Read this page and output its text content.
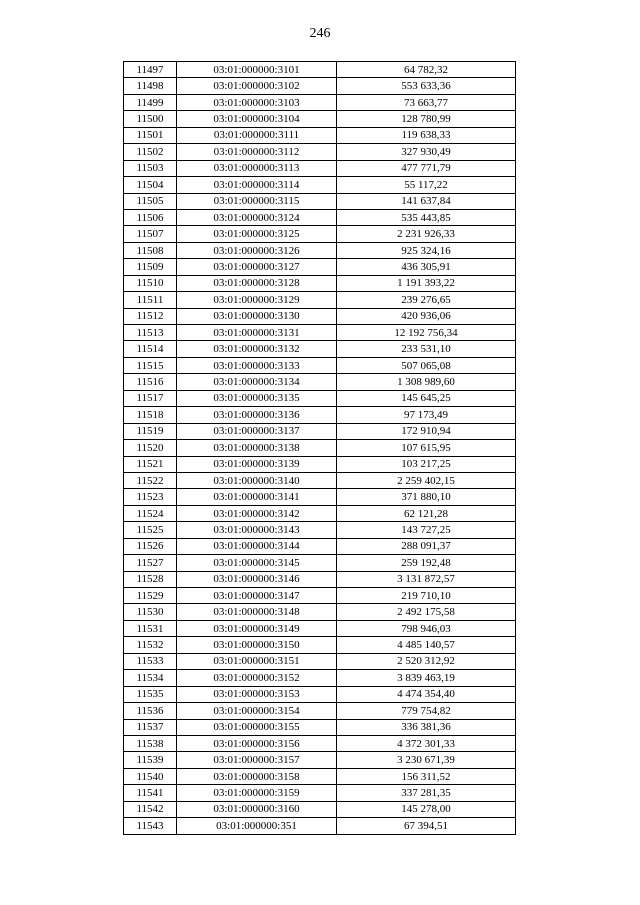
246
11497	03:01:000000:3101	64 782,32
11498	03:01:000000:3102	553 633,36
11499	03:01:000000:3103	73 663,77
11500	03:01:000000:3104	128 780,99
11501	03:01:000000:3111	119 638,33
11502	03:01:000000:3112	327 930,49
11503	03:01:000000:3113	477 771,79
11504	03:01:000000:3114	55 117,22
11505	03:01:000000:3115	141 637,84
11506	03:01:000000:3124	535 443,85
11507	03:01:000000:3125	2 231 926,33
11508	03:01:000000:3126	925 324,16
11509	03:01:000000:3127	436 305,91
11510	03:01:000000:3128	1 191 393,22
11511	03:01:000000:3129	239 276,65
11512	03:01:000000:3130	420 936,06
11513	03:01:000000:3131	12 192 756,34
11514	03:01:000000:3132	233 531,10
11515	03:01:000000:3133	507 065,08
11516	03:01:000000:3134	1 308 989,60
11517	03:01:000000:3135	145 645,25
11518	03:01:000000:3136	97 173,49
11519	03:01:000000:3137	172 910,94
11520	03:01:000000:3138	107 615,95
11521	03:01:000000:3139	103 217,25
11522	03:01:000000:3140	2 259 402,15
11523	03:01:000000:3141	371 880,10
11524	03:01:000000:3142	62 121,28
11525	03:01:000000:3143	143 727,25
11526	03:01:000000:3144	288 091,37
11527	03:01:000000:3145	259 192,48
11528	03:01:000000:3146	3 131 872,57
11529	03:01:000000:3147	219 710,10
11530	03:01:000000:3148	2 492 175,58
11531	03:01:000000:3149	798 946,03
11532	03:01:000000:3150	4 485 140,57
11533	03:01:000000:3151	2 520 312,92
11534	03:01:000000:3152	3 839 463,19
11535	03:01:000000:3153	4 474 354,40
11536	03:01:000000:3154	779 754,82
11537	03:01:000000:3155	336 381,36
11538	03:01:000000:3156	4 372 301,33
11539	03:01:000000:3157	3 230 671,39
11540	03:01:000000:3158	156 311,52
11541	03:01:000000:3159	337 281,35
11542	03:01:000000:3160	145 278,00
11543	03:01:000000:351	67 394,51
